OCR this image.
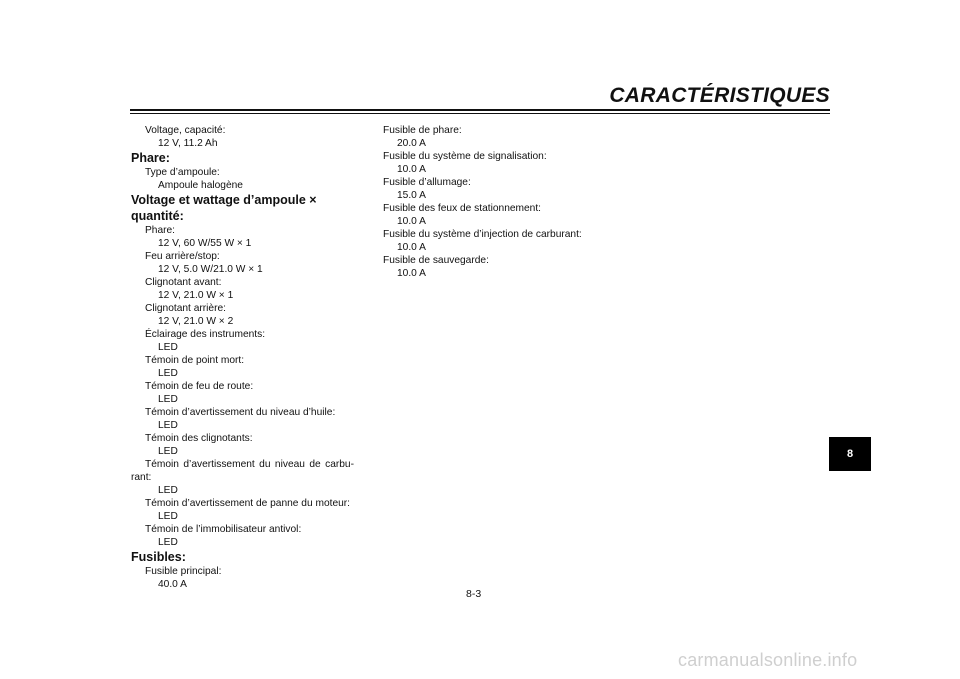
CARACTÉRISTIQUES
Voltage, capacité:
12 V, 11.2 Ah
Phare:
Type d’ampoule:
Ampoule halogène
Voltage et wattage d’ampoule × quantité:
Phare:
12 V, 60 W/55 W × 1
Feu arrière/stop:
12 V, 5.0 W/21.0 W × 1
Clignotant avant:
12 V, 21.0 W × 1
Clignotant arrière:
12 V, 21.0 W × 2
Éclairage des instruments:
LED
Témoin de point mort:
LED
Témoin de feu de route:
LED
Témoin d’avertissement du niveau d’huile:
LED
Témoin des clignotants:
LED
Témoin d’avertissement du niveau de carbu-
rant:
LED
Témoin d’avertissement de panne du moteur:
LED
Témoin de l’immobilisateur antivol:
LED
Fusibles:
Fusible principal:
40.0 A
Fusible de phare:
20.0 A
Fusible du système de signalisation:
10.0 A
Fusible d’allumage:
15.0 A
Fusible des feux de stationnement:
10.0 A
Fusible du système d’injection de carburant:
10.0 A
Fusible de sauvegarde:
10.0 A
8-3
8
carmanualsonline.info
